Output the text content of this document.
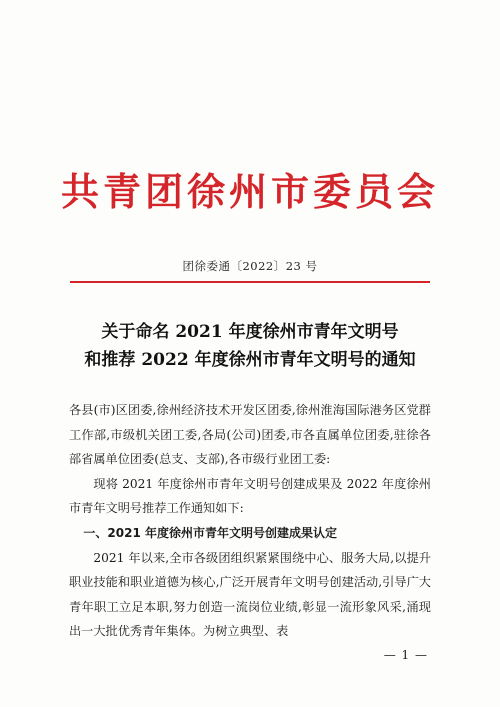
共青团徐州市委员会
团徐委通〔2022〕23 号
关于命名 2021 年度徐州市青年文明号
和推荐 2022 年度徐州市青年文明号的通知

各县(市)区团委,徐州经济技术开发区团委,徐州淮海国际港务区党群工作部,市级机关团工委,各局(公司)团委,市各直属单位团委,驻徐各部省属单位团委(总支、支部),各市级行业团工委:

现将 2021 年度徐州市青年文明号创建成果及 2022 年度徐州市青年文明号推荐工作通知如下:

一、2021 年度徐州市青年文明号创建成果认定

2021 年以来,全市各级团组织紧紧围绕中心、服务大局,以提升职业技能和职业道德为核心,广泛开展青年文明号创建活动,引导广大青年职工立足本职,努力创造一流岗位业绩,彰显一流形象风采,涌现出一大批优秀青年集体。为树立典型、表

— 1 —
